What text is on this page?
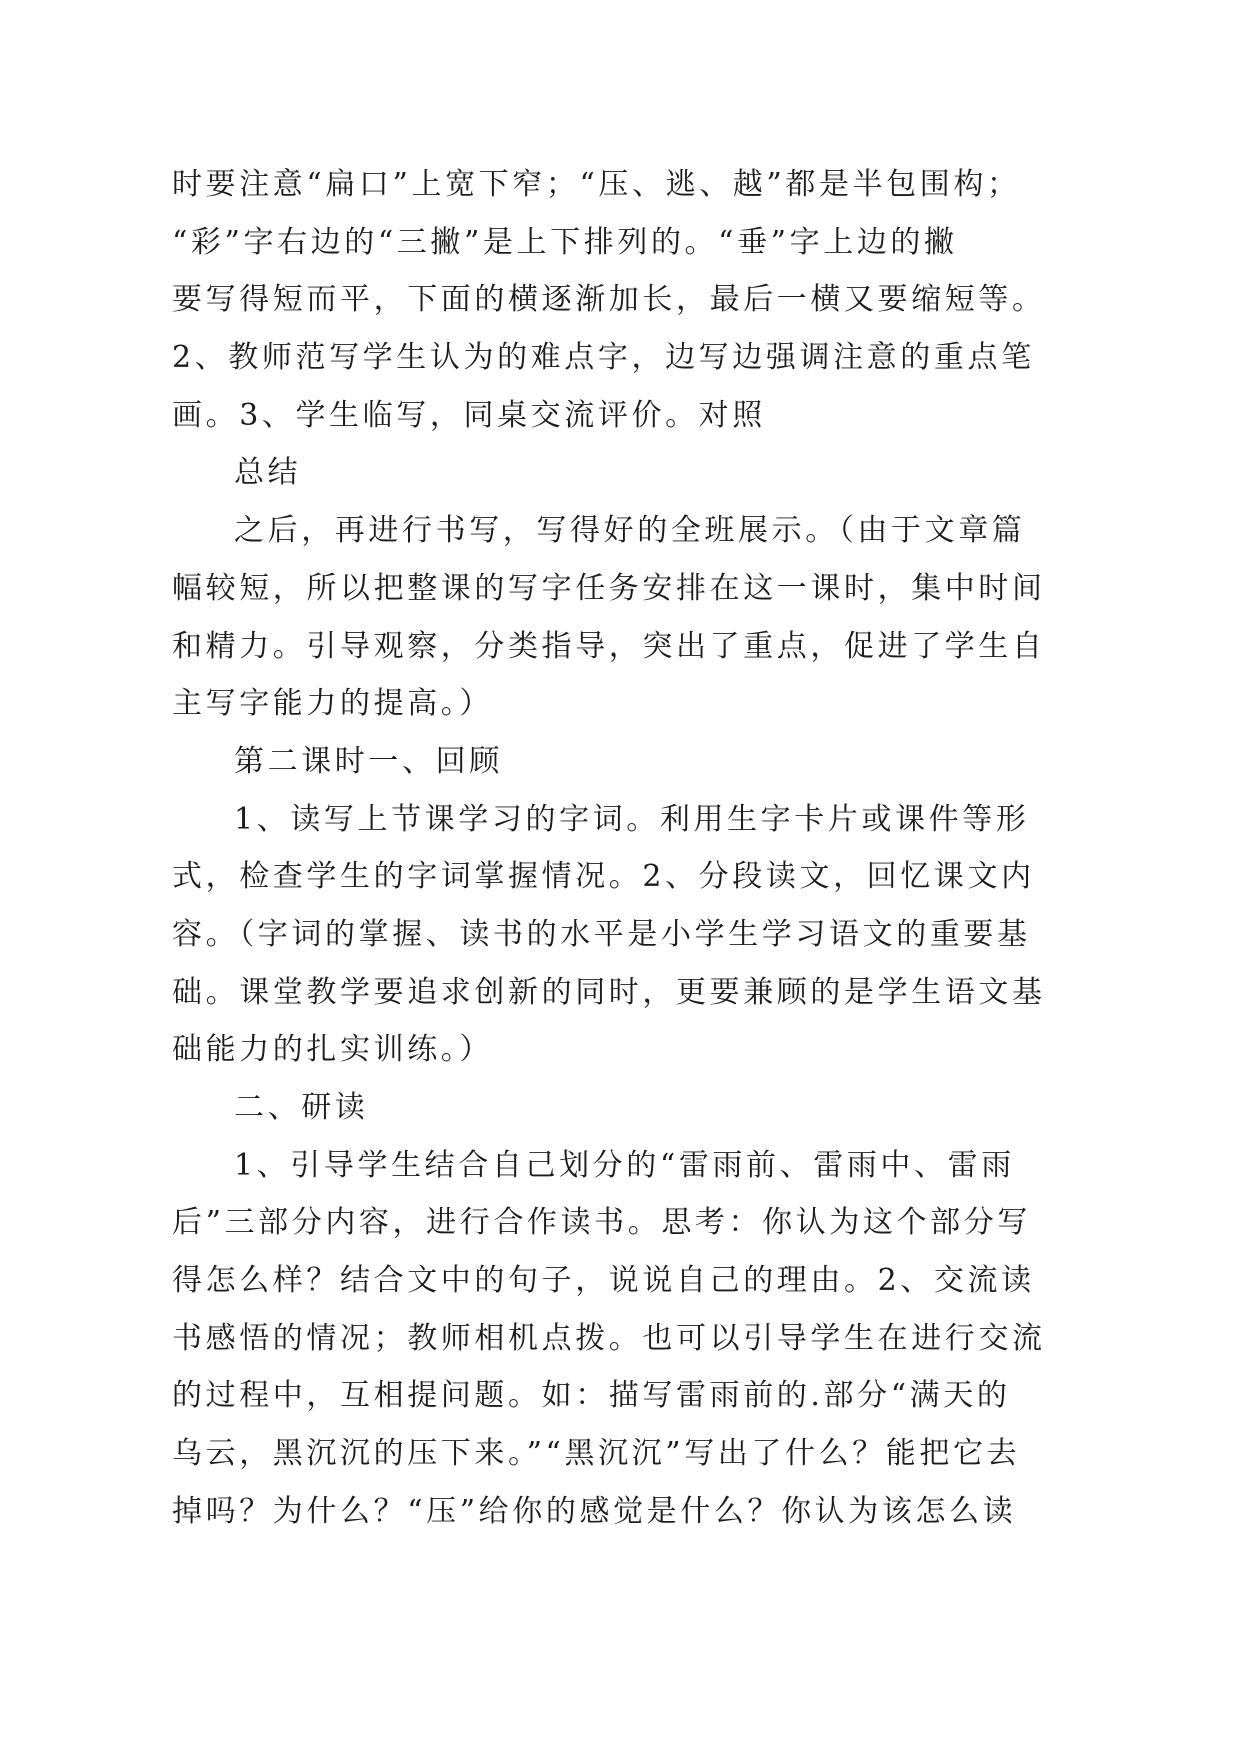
时要注意“扁口”上宽下窄；“压、逃、越”都是半包围构；
“彩”字右边的“三撇”是上下排列的。“垂”字上边的撇
要写得短而平，下面的横逐渐加长，最后一横又要缩短等。
2、教师范写学生认为的难点字，边写边强调注意的重点笔
画。3、学生临写，同桌交流评价。对照
总结
之后，再进行书写，写得好的全班展示。（由于文章篇
幅较短，所以把整课的写字任务安排在这一课时，集中时间
和精力。引导观察，分类指导，突出了重点，促进了学生自
主写字能力的提高。）
第二课时一、回顾
1、读写上节课学习的字词。利用生字卡片或课件等形
式，检查学生的字词掌握情况。2、分段读文，回忆课文内
容。（字词的掌握、读书的水平是小学生学习语文的重要基
础。课堂教学要追求创新的同时，更要兼顾的是学生语文基
础能力的扎实训练。）
二、研读
1、引导学生结合自己划分的“雷雨前、雷雨中、雷雨
后”三部分内容，进行合作读书。思考：你认为这个部分写
得怎么样？结合文中的句子，说说自己的理由。2、交流读
书感悟的情况；教师相机点拨。也可以引导学生在进行交流
的过程中，互相提问题。如：描写雷雨前的.部分“满天的
乌云，黑沉沉的压下来。”“黑沉沉”写出了什么？能把它去
掉吗？为什么？“压”给你的感觉是什么？你认为该怎么读
